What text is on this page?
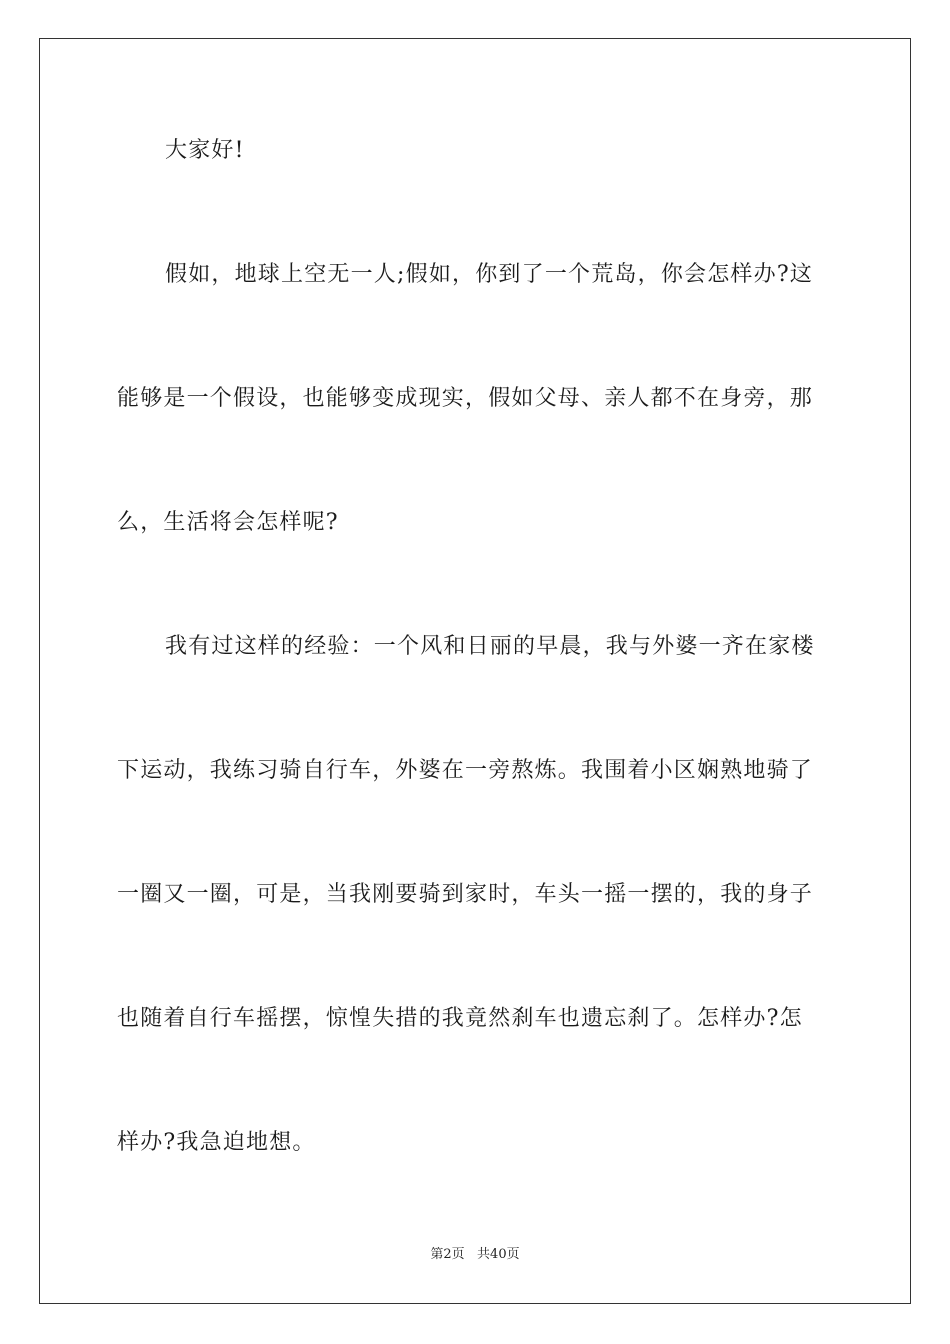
大家好!
假如，地球上空无一人;假如，你到了一个荒岛，你会怎样办?这
能够是一个假设，也能够变成现实，假如父母、亲人都不在身旁，那
么，生活将会怎样呢?
我有过这样的经验：一个风和日丽的早晨，我与外婆一齐在家楼
下运动，我练习骑自行车，外婆在一旁熬炼。我围着小区娴熟地骑了
一圈又一圈，可是，当我刚要骑到家时，车头一摇一摆的，我的身子
也随着自行车摇摆，惊惶失措的我竟然刹车也遗忘刹了。怎样办?怎
样办?我急迫地想。
第2页   共40页
